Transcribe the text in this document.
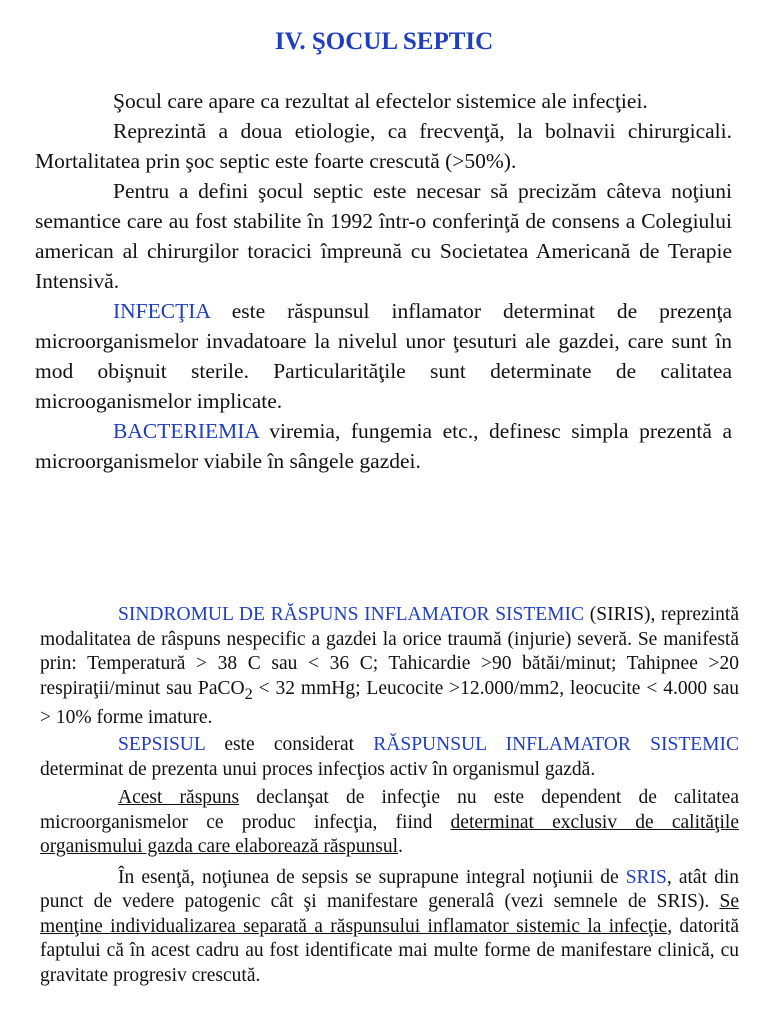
IV. ŞOCUL SEPTIC

Şocul care apare ca rezultat al efectelor sistemice ale infecţiei.

Reprezintă a doua etiologie, ca frecvenţă, la bolnavii chirurgicali. Mortalitatea prin şoc septic este foarte crescută (>50%).

Pentru a defini şocul septic este necesar să precizăm câteva noţiuni semantice care au fost stabilite în 1992 într-o conferinţă de consens a Colegiului american al chirurgilor toracici împreună cu Societatea Americană de Terapie Intensivă.

INFECŢIA este răspunsul inflamator determinat de prezenţa microorganismelor invadatoare la nivelul unor ţesuturi ale gazdei, care sunt în mod obişnuit sterile. Particularităţile sunt determinate de calitatea microoganismelor implicate.

BACTERIEMIA viremia, fungemia etc., definesc simpla prezentă a microorganismelor viabile în sângele gazdei.

SINDROMUL DE RĂSPUNS INFLAMATOR SISTEMIC (SIRIS), reprezintă modalitatea de râspuns nespecific a gazdei la orice traumă (injurie) severă. Se manifestă prin: Temperatură > 38 C sau < 36 C; Tahicardie >90 bătăi/minut; Tahipnee >20 respiraţii/minut sau PaCO$_2$ < 32 mmHg; Leucocite >12.000/mm2, leocucite < 4.000 sau > 10% forme imature.

SEPSISUL este considerat RĂSPUNSUL INFLAMATOR SISTEMIC determinat de prezenta unui proces infecţios activ în organismul gazdă.

Acest răspuns declanşat de infecţie nu este dependent de calitatea microorganismelor ce produc infecţia, fiind determinat exclusiv de calităţile organismului gazda care elaborează răspunsul.

În esenţă, noţiunea de sepsis se suprapune integral noţiunii de SRIS, atât din punct de vedere patogenic cât şi manifestare generalâ (vezi semnele de SRIS). Se menţine individualizarea separată a răspunsului inflamator sistemic la infecţie, datorită faptului că în acest cadru au fost identificate mai multe forme de manifestare clinică, cu gravitate progresiv crescută.
